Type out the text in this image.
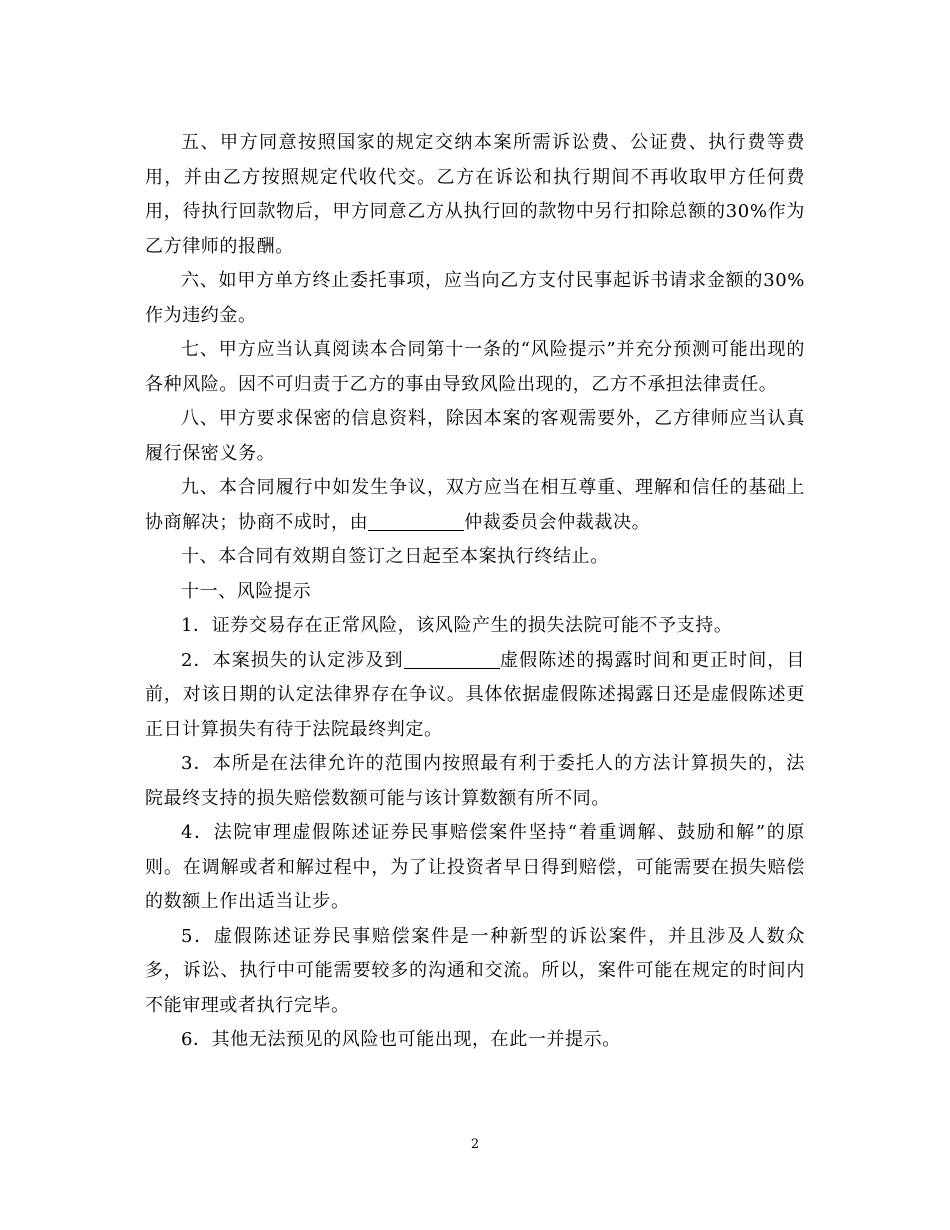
五、甲方同意按照国家的规定交纳本案所需诉讼费、公证费、执行费等费用，并由乙方按照规定代收代交。乙方在诉讼和执行期间不再收取甲方任何费用，待执行回款物后，甲方同意乙方从执行回的款物中另行扣除总额的30%作为乙方律师的报酬。

六、如甲方单方终止委托事项，应当向乙方支付民事起诉书请求金额的30%作为违约金。

七、甲方应当认真阅读本合同第十一条的“风险提示”并充分预测可能出现的各种风险。因不可归责于乙方的事由导致风险出现的，乙方不承担法律责任。

八、甲方要求保密的信息资料，除因本案的客观需要外，乙方律师应当认真履行保密义务。

九、本合同履行中如发生争议，双方应当在相互尊重、理解和信任的基础上协商解决；协商不成时，由	仲裁委员会仲裁裁决。

十、本合同有效期自签订之日起至本案执行终结止。

十一、风险提示

1．证券交易存在正常风险，该风险产生的损失法院可能不予支持。

2．本案损失的认定涉及到	虚假陈述的揭露时间和更正时间，目前，对该日期的认定法律界存在争议。具体依据虚假陈述揭露日还是虚假陈述更正日计算损失有待于法院最终判定。

3．本所是在法律允许的范围内按照最有利于委托人的方法计算损失的，法院最终支持的损失赔偿数额可能与该计算数额有所不同。

4．法院审理虚假陈述证券民事赔偿案件坚持“着重调解、鼓励和解”的原则。在调解或者和解过程中，为了让投资者早日得到赔偿，可能需要在损失赔偿的数额上作出适当让步。

5．虚假陈述证券民事赔偿案件是一种新型的诉讼案件，并且涉及人数众多，诉讼、执行中可能需要较多的沟通和交流。所以，案件可能在规定的时间内不能审理或者执行完毕。

6．其他无法预见的风险也可能出现，在此一并提示。

2
